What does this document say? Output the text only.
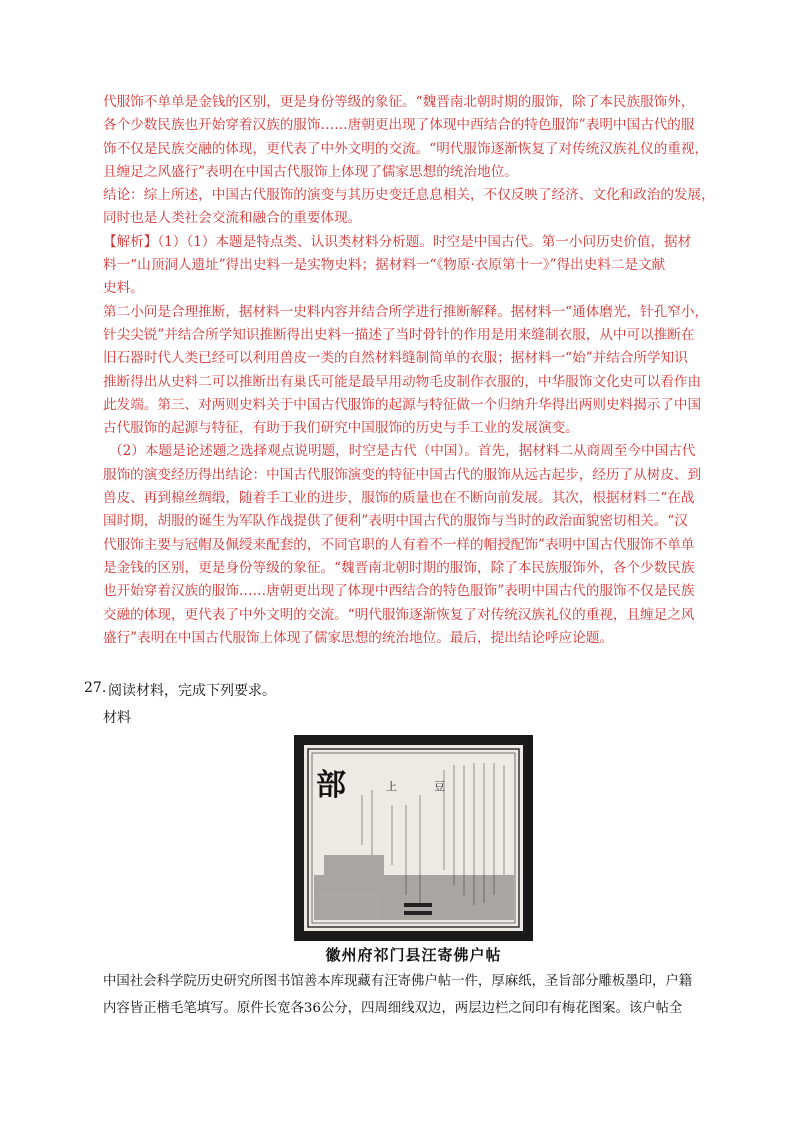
代服饰不单单是金钱的区别，更是身份等级的象征。“魏晋南北朝时期的服饰，除了本民族服饰外，

各个少数民族也开始穿着汉族的服饰……唐朝更出现了体现中西结合的特色服饰”表明中国古代的服

饰不仅是民族交融的体现，更代表了中外文明的交流。“明代服饰逐渐恢复了对传统汉族礼仪的重视，

且缠足之风盛行”表明在中国古代服饰上体现了儒家思想的统治地位。

结论：综上所述，中国古代服饰的演变与其历史变迁息息相关，不仅反映了经济、文化和政治的发展，

同时也是人类社会交流和融合的重要体现。

【解析】（1）（1）本题是特点类、认识类材料分析题。时空是中国古代。第一小问历史价值，据材

料一“山顶洞人遗址”得出史料一是实物史料；据材料一“《物原·衣原第十一》”得出史料二是文献

史料。

第二小问是合理推断，据材料一史料内容并结合所学进行推断解释。据材料一“通体磨光，针孔窄小，

针尖尖锐”并结合所学知识推断得出史料一描述了当时骨针的作用是用来缝制衣服，从中可以推断在

旧石器时代人类已经可以利用兽皮一类的自然材料缝制简单的衣服；据材料一“始”并结合所学知识

推断得出从史料二可以推断出有巢氏可能是最早用动物毛皮制作衣服的，中华服饰文化史可以看作由

此发端。第三、对两则史料关于中国古代服饰的起源与特征做一个归纳升华得出两则史料揭示了中国

古代服饰的起源与特征，有助于我们研究中国服饰的历史与手工业的发展演变。

（2）本题是论述题之选择观点说明题，时空是古代（中国）。首先，据材料二从商周至今中国古代

服饰的演变经历得出结论：中国古代服饰演变的特征中国古代的服饰从远古起步，经历了从树皮、到

兽皮、再到棉丝绸缎，随着手工业的进步，服饰的质量也在不断向前发展。其次，根据材料二“在战

国时期，胡服的诞生为军队作战提供了便利”表明中国古代的服饰与当时的政治面貌密切相关。“汉

代服饰主要与冠帽及佩绶来配套的，不同官职的人有着不一样的帽授配饰”表明中国古代服饰不单单

是金钱的区别，更是身份等级的象征。“魏晋南北朝时期的服饰，除了本民族服饰外，各个少数民族

也开始穿着汉族的服饰……唐朝更出现了体现中西结合的特色服饰”表明中国古代的服饰不仅是民族

交融的体现，更代表了中外文明的交流。“明代服饰逐渐恢复了对传统汉族礼仪的重视，且缠足之风

盛行”表明在中国古代服饰上体现了儒家思想的统治地位。最后，提出结论呼应论题。

27. 阅读材料，完成下列要求。
材料
部	豆
上
徽州府祁门县汪寄佛户帖

中国社会科学院历史研究所图书馆善本库现藏有汪寄佛户帖一件，厚麻纸，圣旨部分雕板墨印，户籍

内容皆正楷毛笔填写。原件长宽各36公分，四周细线双边，两层边栏之间印有梅花图案。该户帖全
